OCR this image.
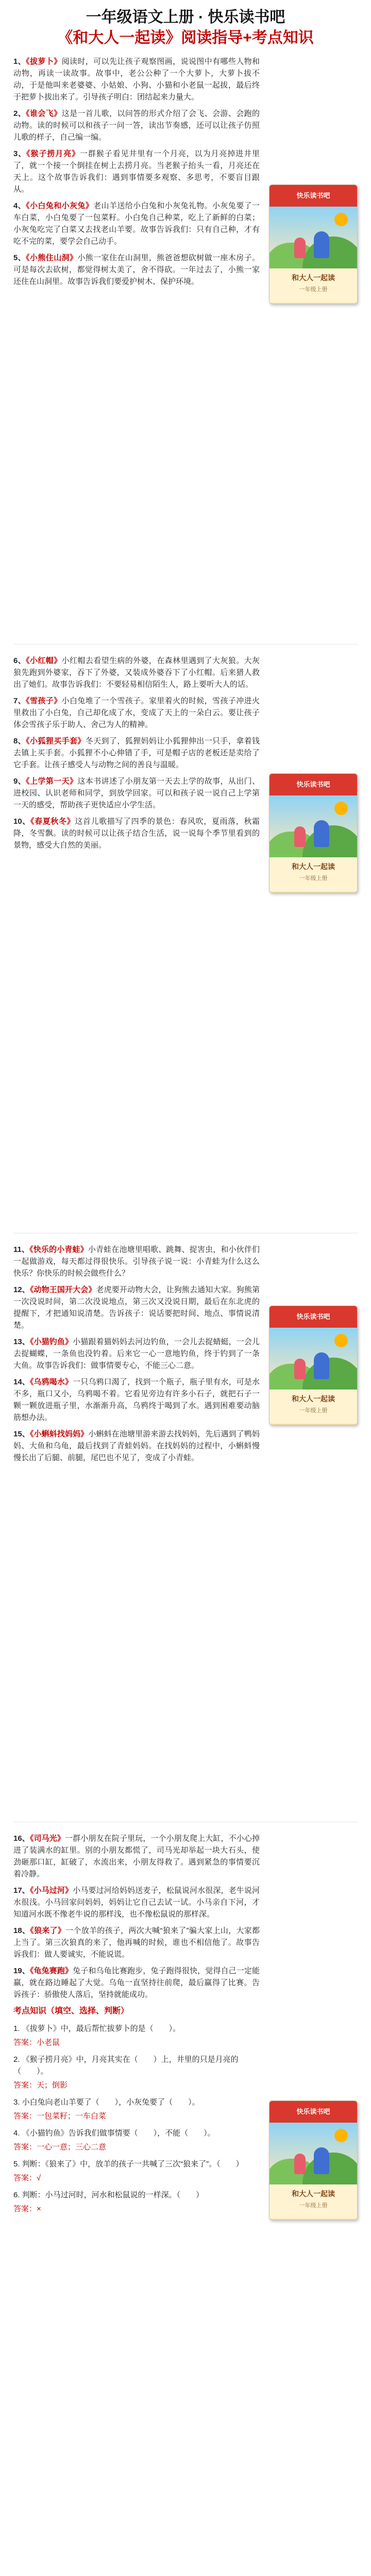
一年级语文上册 · 快乐读书吧
《和大人一起读》阅读指导+考点知识
快乐读书吧
和大人一起读
一年级上册

1、《拔萝卜》阅读时，可以先让孩子观察图画，说说图中有哪些人物和动物，再读一读故事。故事中，老公公种了一个大萝卜，大萝卜拔不动，于是他叫来老婆婆、小姑娘、小狗、小猫和小老鼠一起拔，最后终于把萝卜拔出来了。引导孩子明白：团结起来力量大。

2、《谁会飞》这是一首儿歌，以问答的形式介绍了会飞、会游、会跑的动物。读的时候可以和孩子一问一答，读出节奏感，还可以让孩子仿照儿歌的样子，自己编一编。

3、《猴子捞月亮》一群猴子看见井里有一个月亮，以为月亮掉进井里了，就一个接一个倒挂在树上去捞月亮。当老猴子抬头一看，月亮还在天上。这个故事告诉我们：遇到事情要多观察、多思考，不要盲目跟从。

4、《小白兔和小灰兔》老山羊送给小白兔和小灰兔礼物。小灰兔要了一车白菜，小白兔要了一包菜籽。小白兔自己种菜，吃上了新鲜的白菜；小灰兔吃完了白菜又去找老山羊要。故事告诉我们：只有自己种，才有吃不完的菜，要学会自己动手。

5、《小熊住山洞》小熊一家住在山洞里，熊爸爸想砍树做一座木房子。可是每次去砍树，都觉得树太美了，舍不得砍。一年过去了，小熊一家还住在山洞里。故事告诉我们要爱护树木、保护环境。

快乐读书吧
和大人一起读
一年级上册

6、《小红帽》小红帽去看望生病的外婆，在森林里遇到了大灰狼。大灰狼先跑到外婆家，吞下了外婆，又装成外婆吞下了小红帽。后来猎人救出了她们。故事告诉我们：不要轻易相信陌生人，路上要听大人的话。

7、《雪孩子》小白兔堆了一个雪孩子。家里着火的时候，雪孩子冲进火里救出了小白兔，自己却化成了水，变成了天上的一朵白云。要让孩子体会雪孩子乐于助人、舍己为人的精神。

8、《小狐狸买手套》冬天到了，狐狸妈妈让小狐狸伸出一只手，拿着钱去镇上买手套。小狐狸不小心伸错了手，可是帽子店的老板还是卖给了它手套。让孩子感受人与动物之间的善良与温暖。

9、《上学第一天》这本书讲述了小朋友第一天去上学的故事，从出门、进校园、认识老师和同学，到放学回家。可以和孩子说一说自己上学第一天的感受，帮助孩子更快适应小学生活。

10、《春夏秋冬》这首儿歌描写了四季的景色：春风吹，夏雨落，秋霜降，冬雪飘。读的时候可以让孩子结合生活，说一说每个季节里看到的景物，感受大自然的美丽。

快乐读书吧
和大人一起读
一年级上册

11、《快乐的小青蛙》小青蛙在池塘里唱歌、跳舞、捉害虫，和小伙伴们一起做游戏，每天都过得很快乐。引导孩子说一说：小青蛙为什么这么快乐？你快乐的时候会做些什么？

12、《动物王国开大会》老虎要开动物大会，让狗熊去通知大家。狗熊第一次没说时间，第二次没说地点，第三次又没说日期，最后在东北虎的提醒下，才把通知说清楚。告诉孩子：说话要把时间、地点、事情说清楚。

13、《小猫钓鱼》小猫跟着猫妈妈去河边钓鱼，一会儿去捉蜻蜓，一会儿去捉蝴蝶，一条鱼也没钓着。后来它一心一意地钓鱼，终于钓到了一条大鱼。故事告诉我们：做事情要专心，不能三心二意。

14、《乌鸦喝水》一只乌鸦口渴了，找到一个瓶子，瓶子里有水，可是水不多，瓶口又小，乌鸦喝不着。它看见旁边有许多小石子，就把石子一颗一颗放进瓶子里，水渐渐升高，乌鸦终于喝到了水。遇到困难要动脑筋想办法。

15、《小蝌蚪找妈妈》小蝌蚪在池塘里游来游去找妈妈，先后遇到了鸭妈妈、大鱼和乌龟，最后找到了青蛙妈妈。在找妈妈的过程中，小蝌蚪慢慢长出了后腿、前腿，尾巴也不见了，变成了小青蛙。

快乐读书吧
和大人一起读
一年级上册

16、《司马光》一群小朋友在院子里玩，一个小朋友爬上大缸，不小心掉进了装满水的缸里。别的小朋友都慌了，司马光却举起一块大石头，使劲砸那口缸，缸破了，水流出来，小朋友得救了。遇到紧急的事情要沉着冷静。

17、《小马过河》小马要过河给妈妈送麦子，松鼠说河水很深，老牛说河水很浅。小马回家问妈妈，妈妈让它自己去试一试。小马亲自下河，才知道河水既不像老牛说的那样浅，也不像松鼠说的那样深。

18、《狼来了》一个放羊的孩子，两次大喊“狼来了”骗大家上山，大家都上当了。第三次狼真的来了，他再喊的时候，谁也不相信他了。故事告诉我们：做人要诚实，不能说谎。

19、《龟兔赛跑》兔子和乌龟比赛跑步，兔子跑得很快，觉得自己一定能赢，就在路边睡起了大觉。乌龟一直坚持往前爬，最后赢得了比赛。告诉孩子：骄傲使人落后，坚持就能成功。

考点知识（填空、选择、判断）

1. 《拔萝卜》中，最后帮忙拔萝卜的是（　　）。

答案：小老鼠

2. 《猴子捞月亮》中，月亮其实在（　　）上，井里的只是月亮的（　　）。

答案：天；倒影

3. 小白兔向老山羊要了（　　），小灰兔要了（　　）。

答案：一包菜籽；一车白菜

4. 《小猫钓鱼》告诉我们做事情要（　　），不能（　　）。

答案：一心一意；三心二意

5. 判断：《狼来了》中，放羊的孩子一共喊了三次“狼来了”。（　　）

答案：√

6. 判断：小马过河时，河水和松鼠说的一样深。（　　）

答案：×
